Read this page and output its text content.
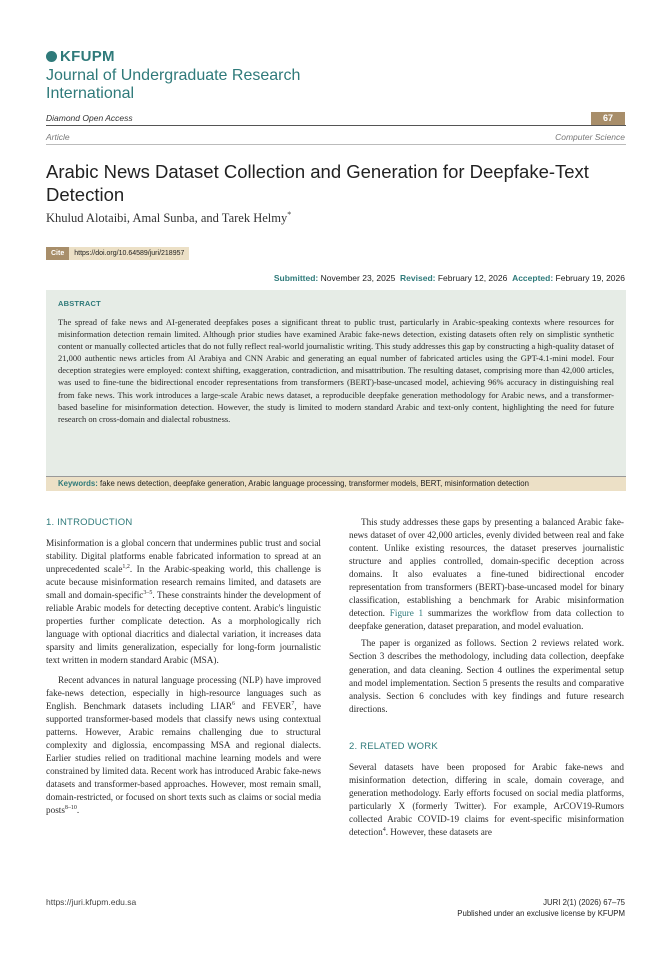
KFUPM
Journal of Undergraduate Research International
Diamond Open Access	67
Article	Computer Science
Arabic News Dataset Collection and Generation for Deepfake-Text Detection
Khulud Alotaibi, Amal Sunba, and Tarek Helmy*
Cite	https://doi.org/10.64589/juri/218957
Submitted: November 23, 2025 Revised: February 12, 2026 Accepted: February 19, 2026
ABSTRACT
The spread of fake news and AI-generated deepfakes poses a significant threat to public trust, particularly in Arabic-speaking contexts where resources for misinformation detection remain limited. Although prior studies have examined Arabic fake-news detection, existing datasets often rely on simplistic synthetic content or manually collected articles that do not fully reflect real-world journalistic writing. This study addresses this gap by constructing a high-quality dataset of 21,000 authentic news articles from Al Arabiya and CNN Arabic and generating an equal number of fabricated articles using the GPT-4.1-mini model. Four deception strategies were employed: context shifting, exaggeration, contradiction, and misattribution. The resulting dataset, comprising more than 42,000 articles, was used to fine-tune the bidirectional encoder representations from transformers (BERT)-base-uncased model, achieving 96% accuracy in distinguishing real from fake news. This work introduces a large-scale Arabic news dataset, a reproducible deepfake generation methodology for Arabic news, and a transformer-based baseline for misinformation detection. However, the study is limited to modern standard Arabic and text-only content, highlighting the need for future research on cross-domain and dialectal robustness.
Keywords: fake news detection, deepfake generation, Arabic language processing, transformer models, BERT, misinformation detection
1. INTRODUCTION

Misinformation is a global concern that undermines public trust and social stability. Digital platforms enable fabricated information to spread at an unprecedented scale$^{1,2}$. In the Arabic-speaking world, this challenge is acute because misinformation research remains limited, and datasets are small and domain-specific$^{3-5}$. These constraints hinder the development of reliable Arabic models for detecting deceptive content. Arabic's linguistic properties further complicate detection. As a morphologically rich language with optional diacritics and dialectal variation, it increases data sparsity and limits generalization, especially for long-form journalistic text written in modern standard Arabic (MSA).

Recent advances in natural language processing (NLP) have improved fake-news detection, especially in high-resource languages such as English. Benchmark datasets including LIAR$^6$ and FEVER$^7$, have supported transformer-based models that classify news using contextual patterns. However, Arabic remains challenging due to structural complexity and diglossia, encompassing MSA and regional dialects. Earlier studies relied on traditional machine learning models and were constrained by limited data. Recent work has introduced Arabic fake-news datasets and transformer-based approaches. However, most remain small, domain-restricted, or focused on short texts such as claims or social media posts$^{8-10}$.

This study addresses these gaps by presenting a balanced Arabic fake-news dataset of over 42,000 articles, evenly divided between real and fake content. Unlike existing resources, the dataset preserves journalistic structure and applies controlled, domain-specific deception across domains. It also evaluates a fine-tuned bidirectional encoder representation from transformers (BERT)-base-uncased model for binary classification, establishing a benchmark for Arabic misinformation detection. Figure 1 summarizes the workflow from data collection to deepfake generation, dataset preparation, and model evaluation.

The paper is organized as follows. Section 2 reviews related work. Section 3 describes the methodology, including data collection, deepfake generation, and data cleaning. Section 4 outlines the experimental setup and model implementation. Section 5 presents the results and comparative analysis. Section 6 concludes with key findings and future research directions.

2. RELATED WORK

Several datasets have been proposed for Arabic fake-news and misinformation detection, differing in scale, domain coverage, and generation methodology. Early efforts focused on social media platforms, particularly X (formerly Twitter). For example, ArCOV19-Rumors collected Arabic COVID-19 claims for event-specific misinformation detection$^4$. However, these datasets are

https://juri.kfupm.edu.sa	JURI 2(1) (2026) 67–75
Published under an exclusive license by KFUPM
